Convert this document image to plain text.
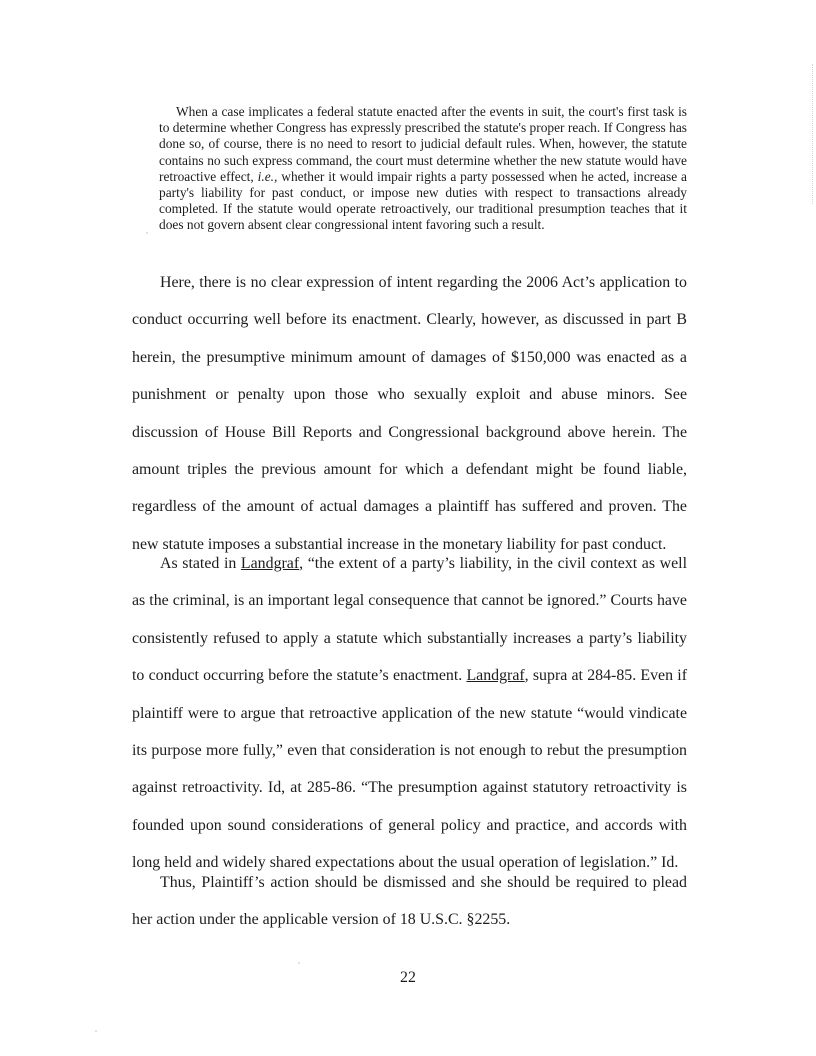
When a case implicates a federal statute enacted after the events in suit, the court's first task is to determine whether Congress has expressly prescribed the statute's proper reach. If Congress has done so, of course, there is no need to resort to judicial default rules. When, however, the statute contains no such express command, the court must determine whether the new statute would have retroactive effect, i.e., whether it would impair rights a party possessed when he acted, increase a party's liability for past conduct, or impose new duties with respect to transactions already completed. If the statute would operate retroactively, our traditional presumption teaches that it does not govern absent clear congressional intent favoring such a result.

Here, there is no clear expression of intent regarding the 2006 Act’s application to conduct occurring well before its enactment. Clearly, however, as discussed in part B herein, the presumptive minimum amount of damages of $150,000 was enacted as a punishment or penalty upon those who sexually exploit and abuse minors. See discussion of House Bill Reports and Congressional background above herein. The amount triples the previous amount for which a defendant might be found liable, regardless of the amount of actual damages a plaintiff has suffered and proven. The new statute imposes a substantial increase in the monetary liability for past conduct.

As stated in Landgraf, “the extent of a party’s liability, in the civil context as well as the criminal, is an important legal consequence that cannot be ignored.” Courts have consistently refused to apply a statute which substantially increases a party’s liability to conduct occurring before the statute’s enactment. Landgraf, supra at 284-85. Even if plaintiff were to argue that retroactive application of the new statute “would vindicate its purpose more fully,” even that consideration is not enough to rebut the presumption against retroactivity. Id, at 285-86. “The presumption against statutory retroactivity is founded upon sound considerations of general policy and practice, and accords with long held and widely shared expectations about the usual operation of legislation.” Id.

Thus, Plaintiff’s action should be dismissed and she should be required to plead her action under the applicable version of 18 U.S.C. §2255.

22
